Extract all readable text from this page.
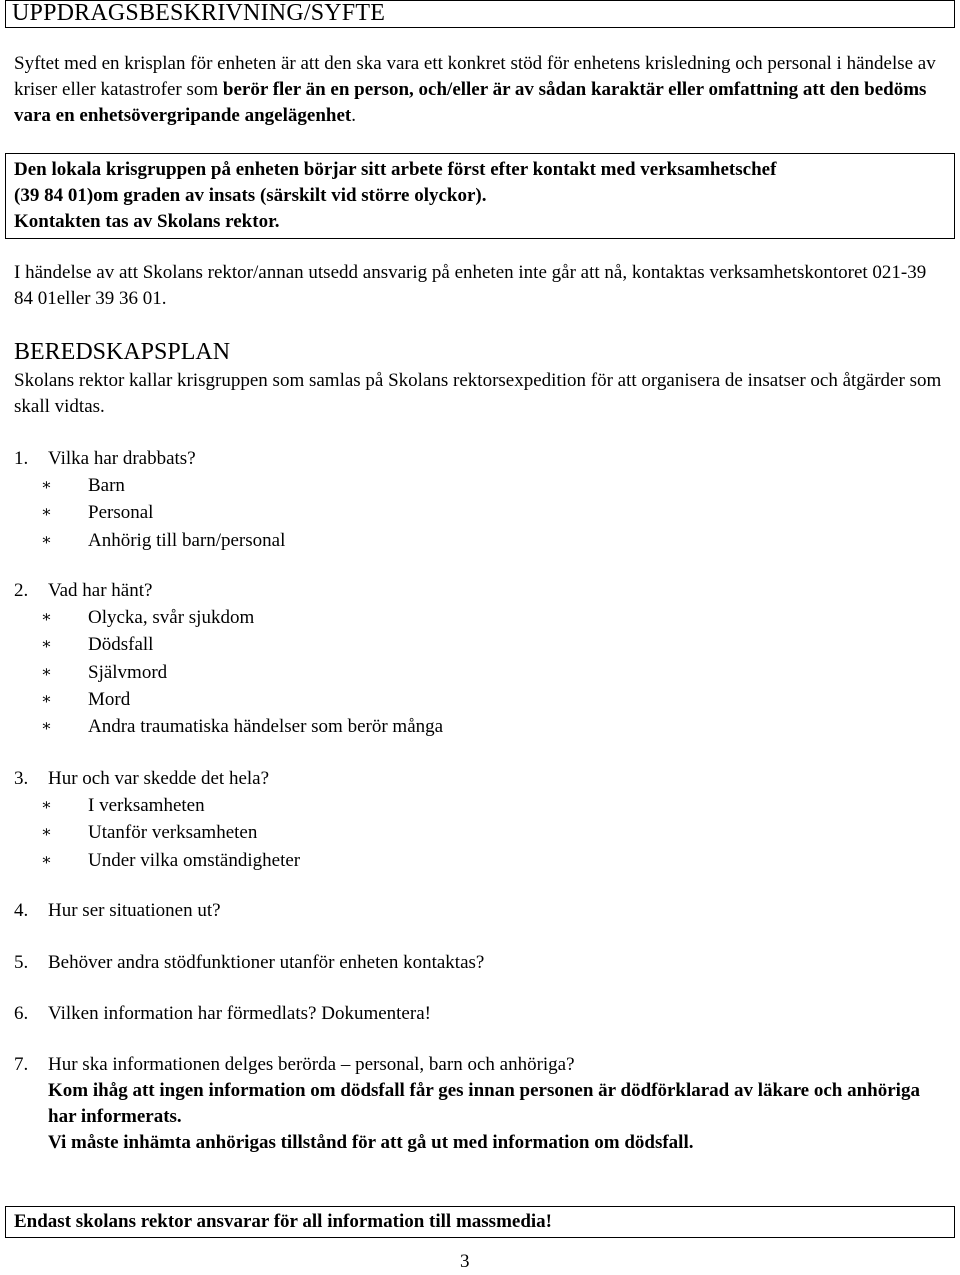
UPPDRAGSBESKRIVNING/SYFTE
Syftet med en krisplan för enheten är att den ska vara ett konkret stöd för enhetens krisledning och personal i händelse av kriser eller katastrofer som berör fler än en person, och/eller är av sådan karaktär eller omfattning att den bedöms vara en enhetsövergripande angelägenhet.

Den lokala krisgruppen på enheten börjar sitt arbete först efter kontakt med verksamhetschef
(39 84 01)om graden av insats (särskilt vid större olyckor).
Kontakten tas av Skolans rektor.

I händelse av att Skolans rektor/annan utsedd ansvarig på enheten inte går att nå, kontaktas verksamhetskontoret 021-39 84 01eller 39 36 01.
BEREDSKAPSPLAN
Skolans rektor kallar krisgruppen som samlas på Skolans rektorsexpedition för att organisera de insatser och åtgärder som skall vidtas.
1. Vilka har drabbats?
∗ Barn
∗ Personal
∗ Anhörig till barn/personal
2. Vad har hänt?
∗ Olycka, svår sjukdom
∗ Dödsfall
∗ Självmord
∗ Mord
∗ Andra traumatiska händelser som berör många
3. Hur och var skedde det hela?
∗ I verksamheten
∗ Utanför verksamheten
∗ Under vilka omständigheter
4. Hur ser situationen ut?
5. Behöver andra stödfunktioner utanför enheten kontaktas?
6. Vilken information har förmedlats? Dokumentera!
7. Hur ska informationen delges berörda – personal, barn och anhöriga?
Kom ihåg att ingen information om dödsfall får ges innan personen är dödförklarad av läkare och anhöriga har informerats.
Vi måste inhämta anhörigas tillstånd för att gå ut med information om dödsfall.
Endast skolans rektor ansvarar för all information till massmedia!
3
